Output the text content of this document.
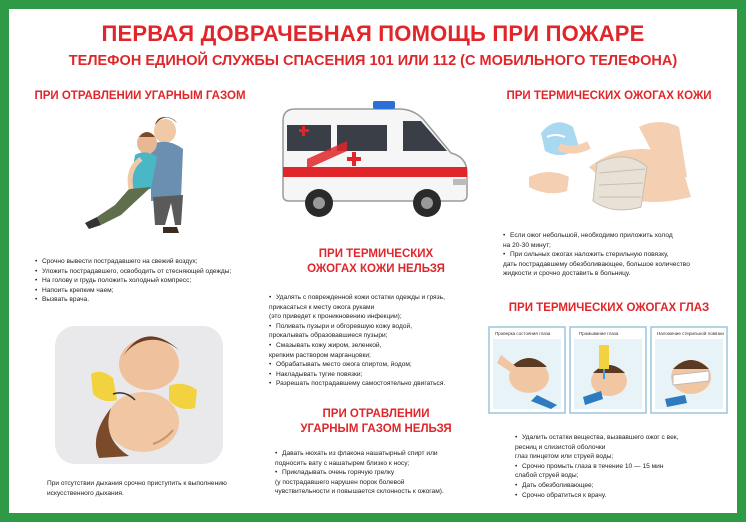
ПЕРВАЯ ДОВРАЧЕБНАЯ ПОМОЩЬ ПРИ ПОЖАРЕ
ТЕЛЕФОН ЕДИНОЙ СЛУЖБЫ СПАСЕНИЯ 101 ИЛИ 112 (С МОБИЛЬНОГО ТЕЛЕФОНА)
ПРИ ОТРАВЛЕНИИ УГАРНЫМ ГАЗОМ
• Срочно вывести пострадавшего на свежий воздух;
• Уложить пострадавшего, освободить от стесняющей одежды;
• На голову и грудь положить холодный компресс;
• Напоить крепким чаем;
• Вызвать врача.
При отсутствии дыхания срочно приступить к выполнению
искусственного дыхания.
ПРИ ТЕРМИЧЕСКИХ
ОЖОГАХ КОЖИ НЕЛЬЗЯ
• Удалять с поврежденной кожи остатки одежды и грязь,
прикасаться к месту ожога руками
(это приведет к проникновению инфекции);
• Поливать пузыри и обгоревшую кожу водой,
прокалывать образовавшиеся пузыри;
• Смазывать кожу жиром, зеленкой,
крепким раствором марганцовки;
• Обрабатывать место ожога спиртом, йодом;
• Накладывать тугие повязки;
• Разрешать пострадавшему самостоятельно двигаться.
ПРИ ОТРАВЛЕНИИ
УГАРНЫМ ГАЗОМ НЕЛЬЗЯ
• Давать нюхать из флакона нашатырный спирт или
подносить вату с нашатырем близко к носу;
• Прикладывать очень горячую грелку
(у пострадавшего нарушен порок болевой
чувствительности и повышается склонность к ожогам).
ПРИ ТЕРМИЧЕСКИХ ОЖОГАХ КОЖИ
• Если ожог небольшой, необходимо приложить холод
на 20-30 минут;
• При сильных ожогах наложить стерильную повязку,
дать пострадавшему обезболивающее, большое количество
жидкости и срочно доставить в больницу.
ПРИ ТЕРМИЧЕСКИХ ОЖОГАХ ГЛАЗ
Проверка состояния глаза	Промывание глаза	Наложение стерильной повязки
• Удалить остатки вещества, вызвавшего ожог с век,
ресниц и слизистой оболочки
глаз пинцетом или струей воды;
• Срочно промыть глаза в течение 10 — 15 мин
слабой струей воды;
• Дать обезболивающее;
• Срочно обратиться к врачу.
